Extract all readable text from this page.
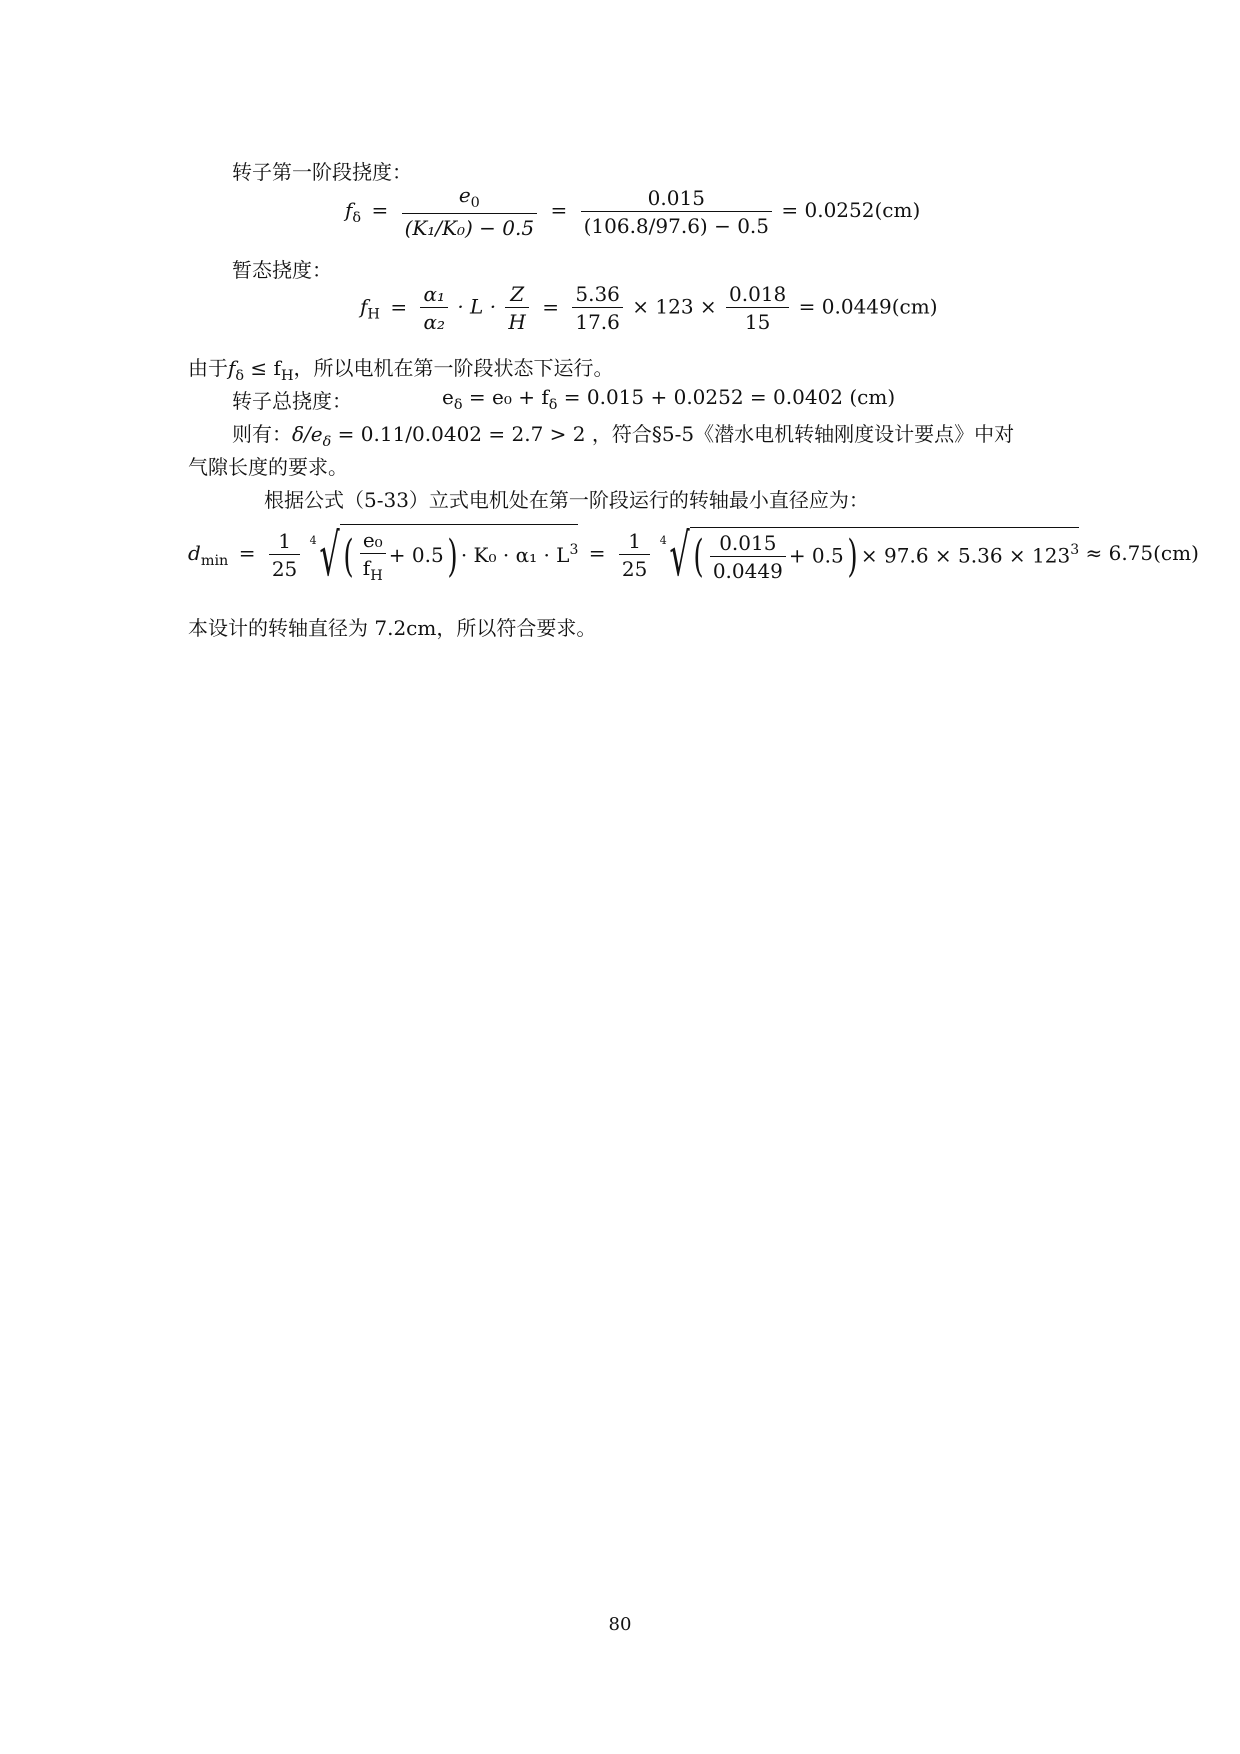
转子第一阶段挠度：
$f_\delta = \frac{e_0}{\text{(K₁/K₀) − 0.5}} = \frac{0.015}{(106.8/97.6) - 0.5} = 0.0252(cm)$
暂态挠度：
$f_H = \frac{\text{α₁}}{\text{α₂}} \cdot L \cdot \frac{Z}{H} = \frac{5.36}{17.6} \times 123 \times \frac{0.018}{15} = 0.0449(cm)$
由于$f_\delta \le f_H$，所以电机在第一阶段状态下运行。
转子总挠度：	$e_\delta = e_0 + f_\delta = 0.015 + 0.0252 = 0.0402$ (cm)
则有：$\delta/e_\delta = 0.11/0.0402 = 2.7 > 2$ ，符合§5-5《潜水电机转轴刚度设计要点》中对
气隙长度的要求。
根据公式（5-33）立式电机处在第一阶段运行的转轴最小直径应为：
$d_{min} = \frac{1}{25} ^4√( \frac{\text{e₀}}{f_H} + 0.5) \cdot K_0 \cdot \alpha_1 \cdot L^3 = \frac{1}{25} ^4√( \frac{0.015}{0.0449} + 0.5) \times 97.6 \times 5.36 \times 123^3 \approx 6.75(cm)$
本设计的转轴直径为 7.2cm，所以符合要求。
80
